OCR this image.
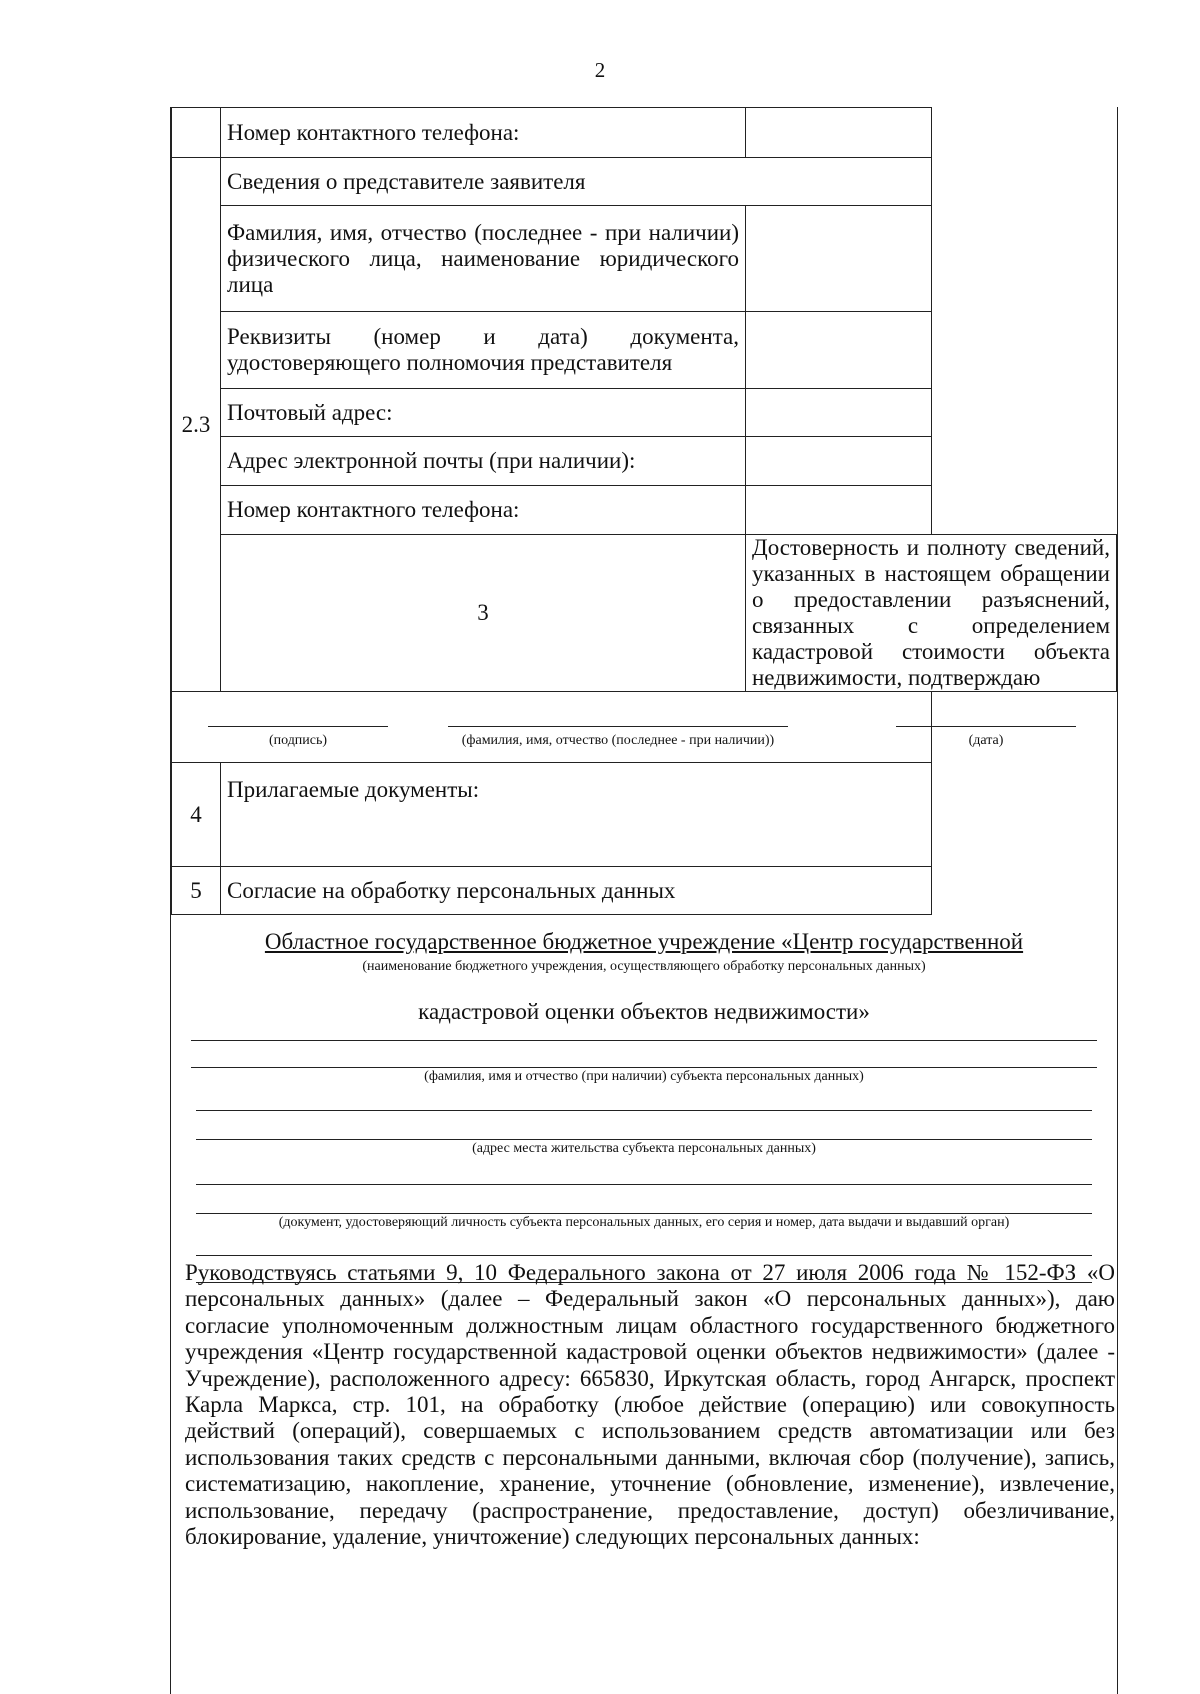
2
	Номер контактного телефона:	
2.3	Сведения о представителе заявителя	
	Фамилия, имя, отчество (последнее - при наличии) физического лица, наименование юридического лица	
	Реквизиты (номер и дата) документа, удостоверяющего полномочия представителя	
	Почтовый адрес:	
	Адрес электронной почты (при наличии):	
	Номер контактного телефона:	
	3	Достоверность и полноту сведений, указанных в настоящем обращении о предоставлении разъяснений, связанных с определением кадастровой стоимости объекта недвижимости, подтверждаю

(подпись) (фамилия, имя, отчество (последнее - при наличии)) (дата)		

4	Прилагаемые документы:	
5	Согласие на обработку персональных данных	
Областное государственное бюджетное учреждение «Центр государственной
(наименование бюджетного учреждения, осуществляющего обработку персональных данных)
кадастровой оценки объектов недвижимости»
(фамилия, имя и отчество (при наличии) субъекта персональных данных)
(адрес места жительства субъекта персональных данных)
(документ, удостоверяющий личность субъекта персональных данных, его серия и номер, дата выдачи и выдавший орган)
Руководствуясь статьями 9, 10 Федерального закона от 27 июля 2006 года № 152-ФЗ «О персональных данных» (далее – Федеральный закон «О персональных данных»), даю согласие уполномоченным должностным лицам областного государственного бюджетного учреждения «Центр государственной кадастровой оценки объектов недвижимости» (далее - Учреждение), расположенного адресу: 665830, Иркутская область, город Ангарск, проспект Карла Маркса, стр. 101, на обработку (любое действие (операцию) или совокупность действий (операций), совершаемых с использованием средств автоматизации или без использования таких средств с персональными данными, включая сбор (получение), запись, систематизацию, накопление, хранение, уточнение (обновление, изменение), извлечение, использование, передачу (распространение, предоставление, доступ) обезличивание, блокирование, удаление, уничтожение) следующих персональных данных:
